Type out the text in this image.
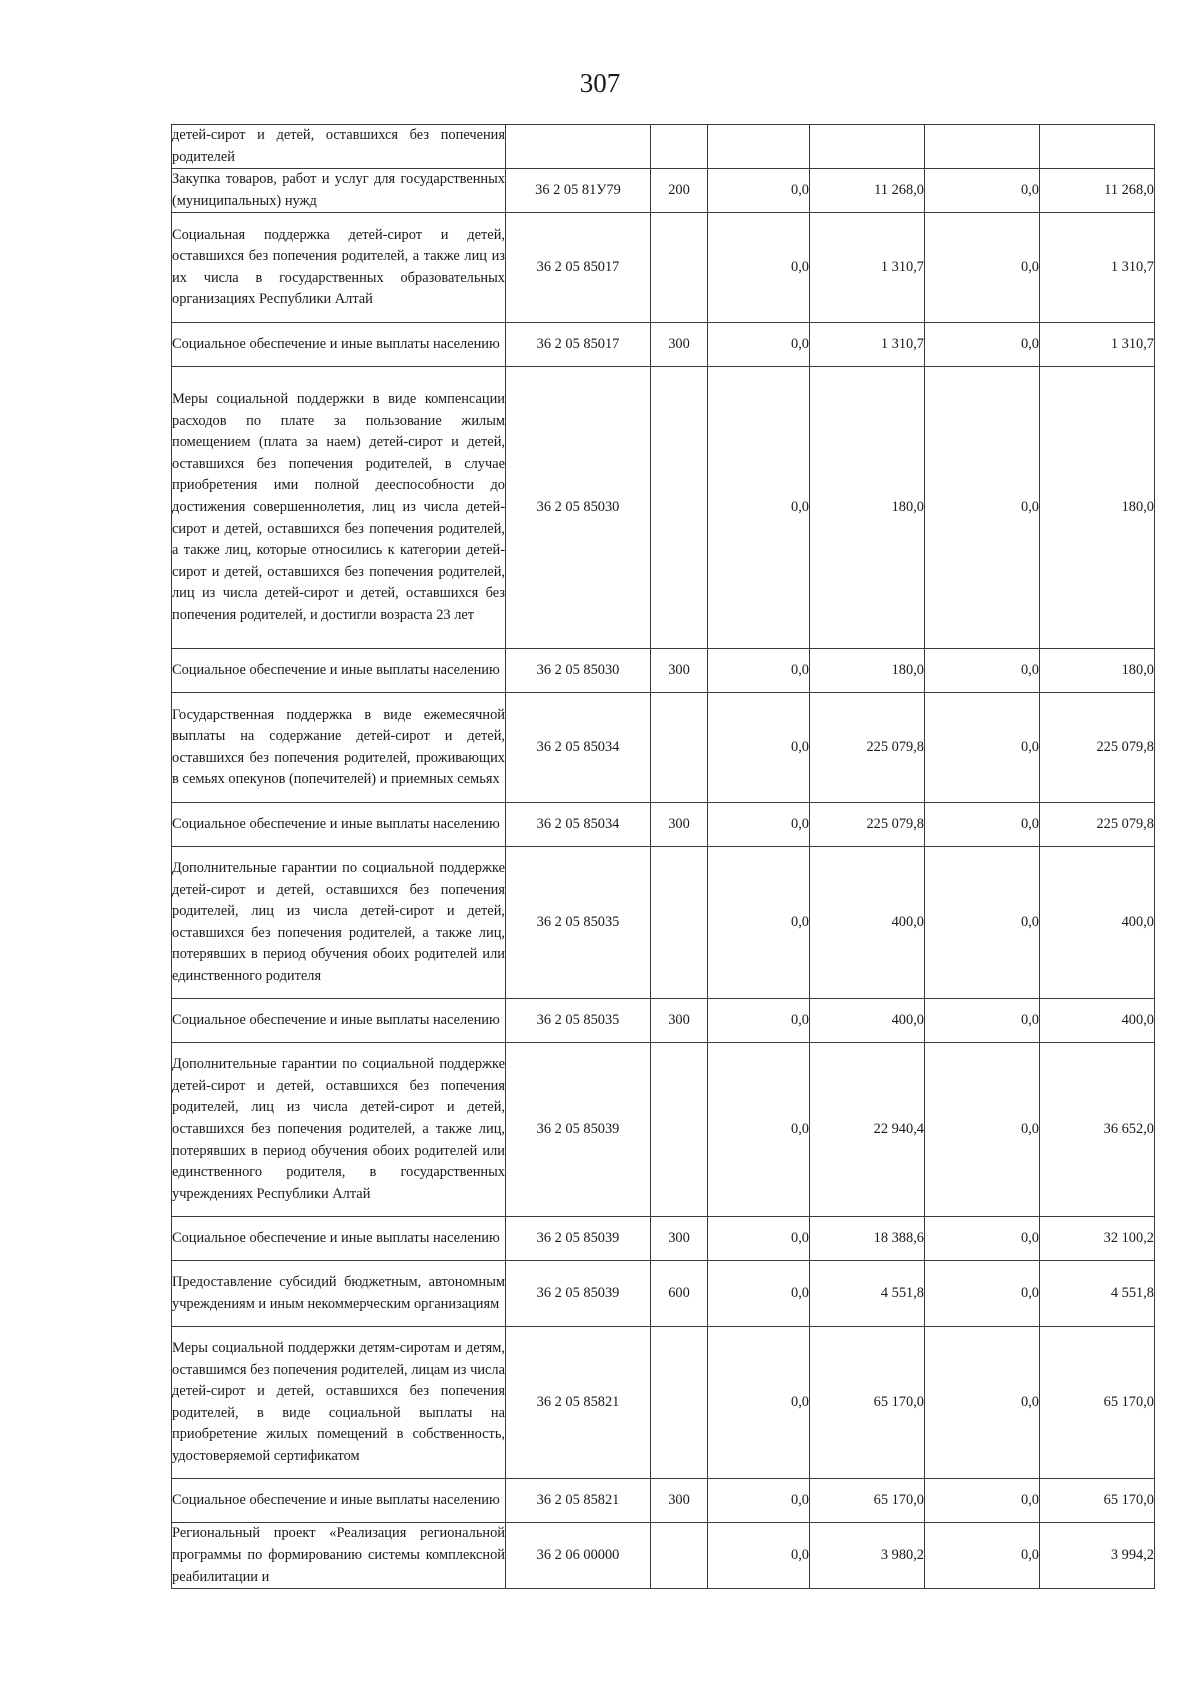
307
детей-сирот и детей, оставшихся без попечения родителей						
Закупка товаров, работ и услуг для государственных (муниципальных) нужд	36 2 05 81У79	200	0,0	11 268,0	0,0	11 268,0
Социальная поддержка детей-сирот и детей, оставшихся без попечения родителей, а также лиц из их числа в государственных образовательных организациях Республики Алтай	36 2 05 85017		0,0	1 310,7	0,0	1 310,7
Социальное обеспечение и иные выплаты населению	36 2 05 85017	300	0,0	1 310,7	0,0	1 310,7
Меры социальной поддержки в виде компенсации расходов по плате за пользование жилым помещением (плата за наем) детей-сирот и детей, оставшихся без попечения родителей, в случае приобретения ими полной дееспособности до достижения совершеннолетия, лиц из числа детей-сирот и детей, оставшихся без попечения родителей, а также лиц, которые относились к категории детей-сирот и детей, оставшихся без попечения родителей, лиц из числа детей-сирот и детей, оставшихся без попечения родителей, и достигли возраста 23 лет	36 2 05 85030		0,0	180,0	0,0	180,0
Социальное обеспечение и иные выплаты населению	36 2 05 85030	300	0,0	180,0	0,0	180,0
Государственная поддержка в виде ежемесячной выплаты на содержание детей-сирот и детей, оставшихся без попечения родителей, проживающих в семьях опекунов (попечителей) и приемных семьях	36 2 05 85034		0,0	225 079,8	0,0	225 079,8
Социальное обеспечение и иные выплаты населению	36 2 05 85034	300	0,0	225 079,8	0,0	225 079,8
Дополнительные гарантии по социальной поддержке детей-сирот и детей, оставшихся без попечения родителей, лиц из числа детей-сирот и детей, оставшихся без попечения родителей, а также лиц, потерявших в период обучения обоих родителей или единственного родителя	36 2 05 85035		0,0	400,0	0,0	400,0
Социальное обеспечение и иные выплаты населению	36 2 05 85035	300	0,0	400,0	0,0	400,0
Дополнительные гарантии по социальной поддержке детей-сирот и детей, оставшихся без попечения родителей, лиц из числа детей-сирот и детей, оставшихся без попечения родителей, а также лиц, потерявших в период обучения обоих родителей или единственного родителя, в государственных учреждениях Республики Алтай	36 2 05 85039		0,0	22 940,4	0,0	36 652,0
Социальное обеспечение и иные выплаты населению	36 2 05 85039	300	0,0	18 388,6	0,0	32 100,2
Предоставление субсидий бюджетным, автономным учреждениям и иным некоммерческим организациям	36 2 05 85039	600	0,0	4 551,8	0,0	4 551,8
Меры социальной поддержки детям-сиротам и детям, оставшимся без попечения родителей, лицам из числа детей-сирот и детей, оставшихся без попечения родителей, в виде социальной выплаты на приобретение жилых помещений в собственность, удостоверяемой сертификатом	36 2 05 85821		0,0	65 170,0	0,0	65 170,0
Социальное обеспечение и иные выплаты населению	36 2 05 85821	300	0,0	65 170,0	0,0	65 170,0
Региональный проект «Реализация региональной программы по формированию системы комплексной реабилитации и	36 2 06 00000		0,0	3 980,2	0,0	3 994,2
